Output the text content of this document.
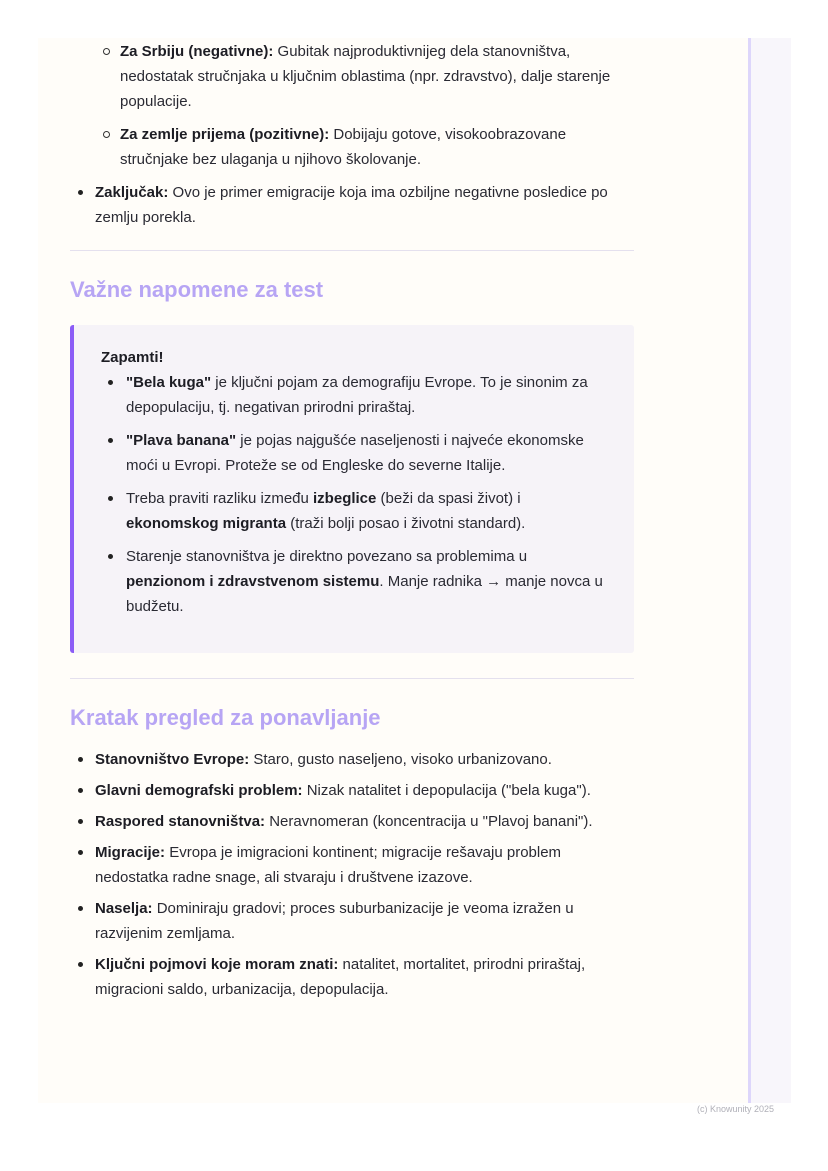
Za Srbiju (negativne): Gubitak najproduktivnijeg dela stanovništva, nedostatak stručnjaka u ključnim oblastima (npr. zdravstvo), dalje starenje populacije.
Za zemlje prijema (pozitivne): Dobijaju gotove, visokoobrazovane stručnjake bez ulaganja u njihovo školovanje.
Zaključak: Ovo je primer emigracije koja ima ozbiljne negativne posledice po zemlju porekla.
Važne napomene za test
Zapamti!
"Bela kuga" je ključni pojam za demografiju Evrope. To je sinonim za depopulaciju, tj. negativan prirodni priraštaj.
"Plava banana" je pojas najgušće naseljenosti i najveće ekonomske moći u Evropi. Proteže se od Engleske do severne Italije.
Treba praviti razliku između izbeglice (beži da spasi život) i ekonomskog migranta (traži bolji posao i životni standard).
Starenje stanovništva je direktno povezano sa problemima u penzionom i zdravstvenom sistemu. Manje radnika → manje novca u budžetu.
Kratak pregled za ponavljanje
Stanovništvo Evrope: Staro, gusto naseljeno, visoko urbanizovano.
Glavni demografski problem: Nizak natalitet i depopulacija ("bela kuga").
Raspored stanovništva: Neravnomeran (koncentracija u "Plavoj banani").
Migracije: Evropa je imigracioni kontinent; migracije rešavaju problem nedostatka radne snage, ali stvaraju i društvene izazove.
Naselja: Dominiraju gradovi; proces suburbanizacije je veoma izražen u razvijenim zemljama.
Ključni pojmovi koje moram znati: natalitet, mortalitet, prirodni priraštaj, migracioni saldo, urbanizacija, depopulacija.
(c) Knowunity 2025
